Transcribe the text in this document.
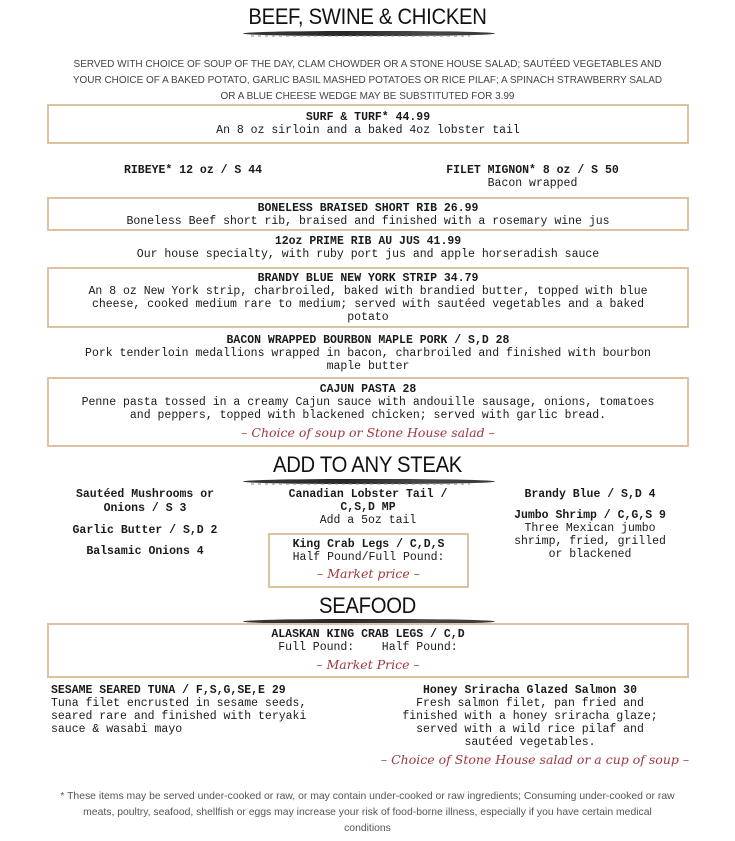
BEEF, SWINE & CHICKEN
SERVED WITH CHOICE OF SOUP OF THE DAY, CLAM CHOWDER OR A STONE HOUSE SALAD; SAUTÉED VEGETABLES AND YOUR CHOICE OF A BAKED POTATO, GARLIC BASIL MASHED POTATOES OR RICE PILAF; A SPINACH STRAWBERRY SALAD OR A BLUE CHEESE WEDGE MAY BE SUBSTITUTED FOR 3.99
SURF & TURF* 44.99
An 8 oz sirloin and a baked 4oz lobster tail
RIBEYE* 12 oz / S 44	FILET MIGNON* 8 oz / S 50
Bacon wrapped
BONELESS BRAISED SHORT RIB 26.99
Boneless Beef short rib, braised and finished with a rosemary wine jus
12oz PRIME RIB AU JUS 41.99
Our house specialty, with ruby port jus and apple horseradish sauce
BRANDY BLUE NEW YORK STRIP 34.79
An 8 oz New York strip, charbroiled, baked with brandied butter, topped with blue
cheese, cooked medium rare to medium; served with sautéed vegetables and a baked
potato
BACON WRAPPED BOURBON MAPLE PORK / S,D 28
Pork tenderloin medallions wrapped in bacon, charbroiled and finished with bourbon
maple butter
CAJUN PASTA 28
Penne pasta tossed in a creamy Cajun sauce with andouille sausage, onions, tomatoes
and peppers, topped with blackened chicken; served with garlic bread.
– Choice of soup or Stone House salad –
ADD TO ANY STEAK
Sautéed Mushrooms or
Onions / S 3
Garlic Butter / S,D 2
Balsamic Onions 4
Canadian Lobster Tail /
C,S,D MP
Add a 5oz tail
King Crab Legs / C,D,S
Half Pound/Full Pound:
– Market price –
Brandy Blue / S,D 4
Jumbo Shrimp / C,G,S 9
Three Mexican jumbo
shrimp, fried, grilled
or blackened
SEAFOOD
ALASKAN KING CRAB LEGS / C,D
Full Pound:    Half Pound:
– Market Price –
SESAME SEARED TUNA / F,S,G,SE,E 29
Tuna filet encrusted in sesame seeds,
seared rare and finished with teryaki
sauce & wasabi mayo
Honey Sriracha Glazed Salmon 30
Fresh salmon filet, pan fried and
finished with a honey sriracha glaze;
served with a wild rice pilaf and
sautéed vegetables.
– Choice of Stone House salad or a cup of soup –
* These items may be served under-cooked or raw, or may contain under-cooked or raw ingredients; Consuming under-cooked or raw meats, poultry, seafood, shellfish or eggs may increase your risk of food-borne illness, especially if you have certain medical conditions
